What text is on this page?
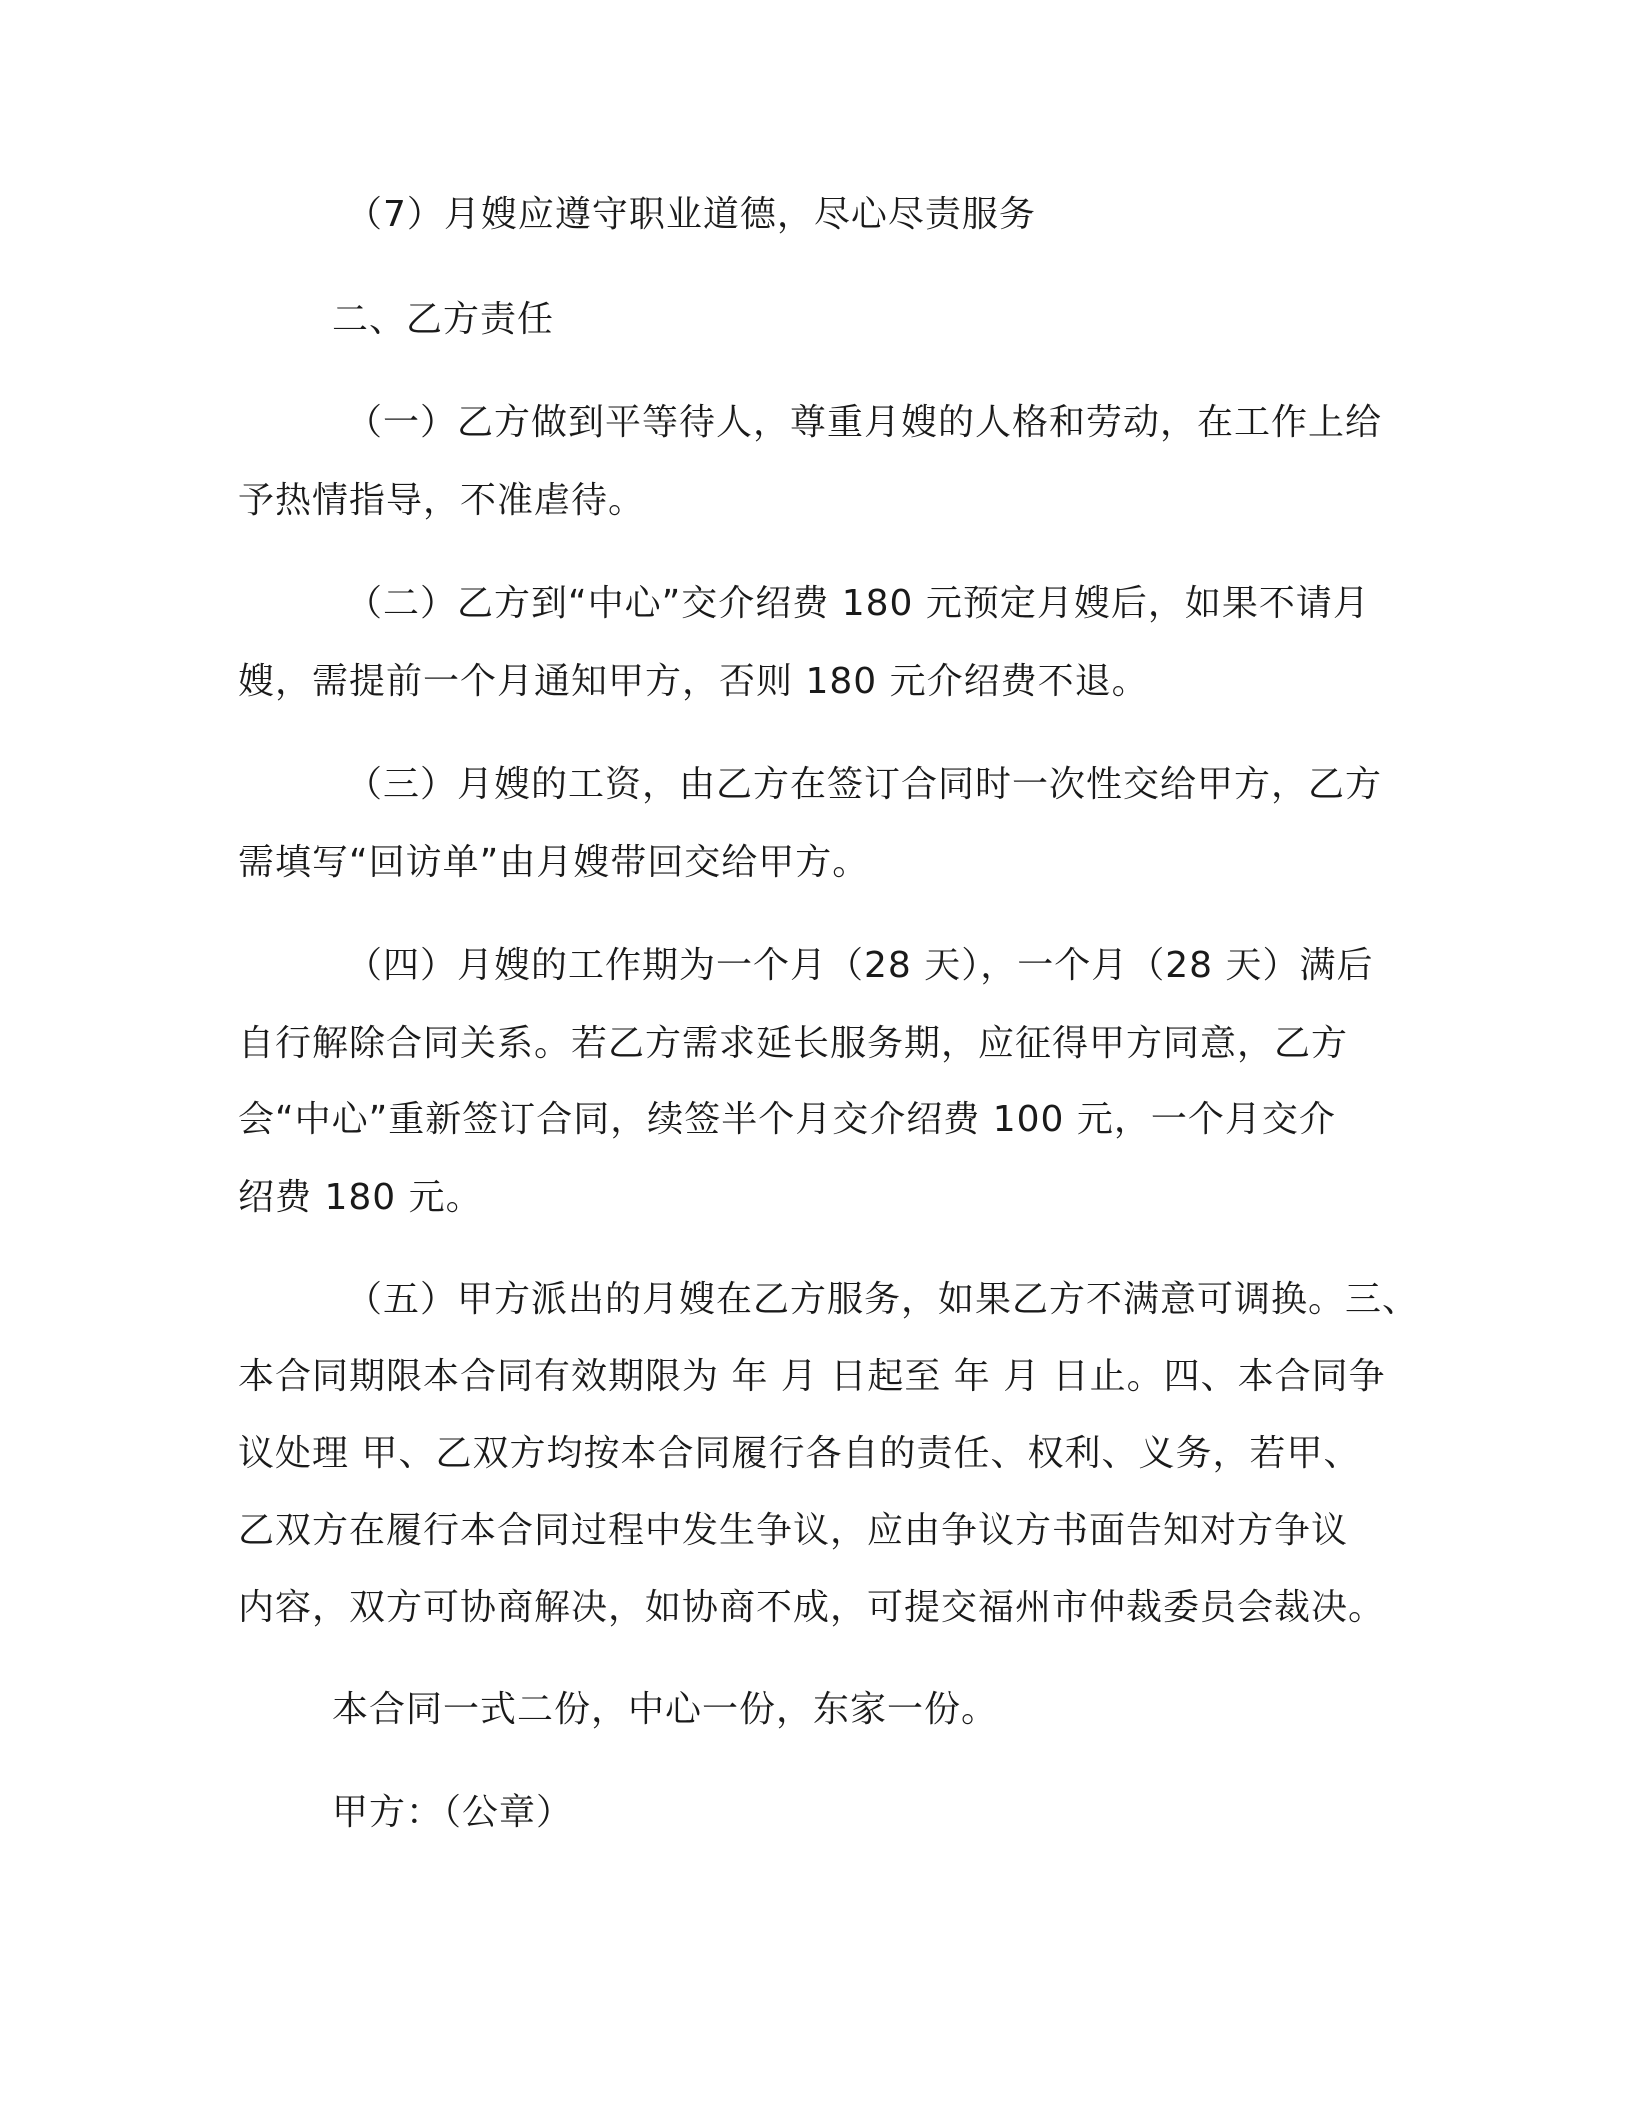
（7）月嫂应遵守职业道德，尽心尽责服务
二、乙方责任
（一）乙方做到平等待人，尊重月嫂的人格和劳动，在工作上给
予热情指导，不准虐待。
（二）乙方到“中心”交介绍费 180 元预定月嫂后，如果不请月
嫂，需提前一个月通知甲方，否则 180 元介绍费不退。
（三）月嫂的工资，由乙方在签订合同时一次性交给甲方，乙方
需填写“回访单”由月嫂带回交给甲方。
（四）月嫂的工作期为一个月（28 天），一个月（28 天）满后
自行解除合同关系。若乙方需求延长服务期，应征得甲方同意，乙方
会“中心”重新签订合同，续签半个月交介绍费 100 元，一个月交介
绍费 180 元。
（五）甲方派出的月嫂在乙方服务，如果乙方不满意可调换。三、
本合同期限本合同有效期限为 年 月 日起至 年 月 日止。四、本合同争
议处理 甲、乙双方均按本合同履行各自的责任、权利、义务，若甲、
乙双方在履行本合同过程中发生争议，应由争议方书面告知对方争议
内容，双方可协商解决，如协商不成，可提交福州市仲裁委员会裁决。
本合同一式二份，中心一份，东家一份。
甲方：（公章）
